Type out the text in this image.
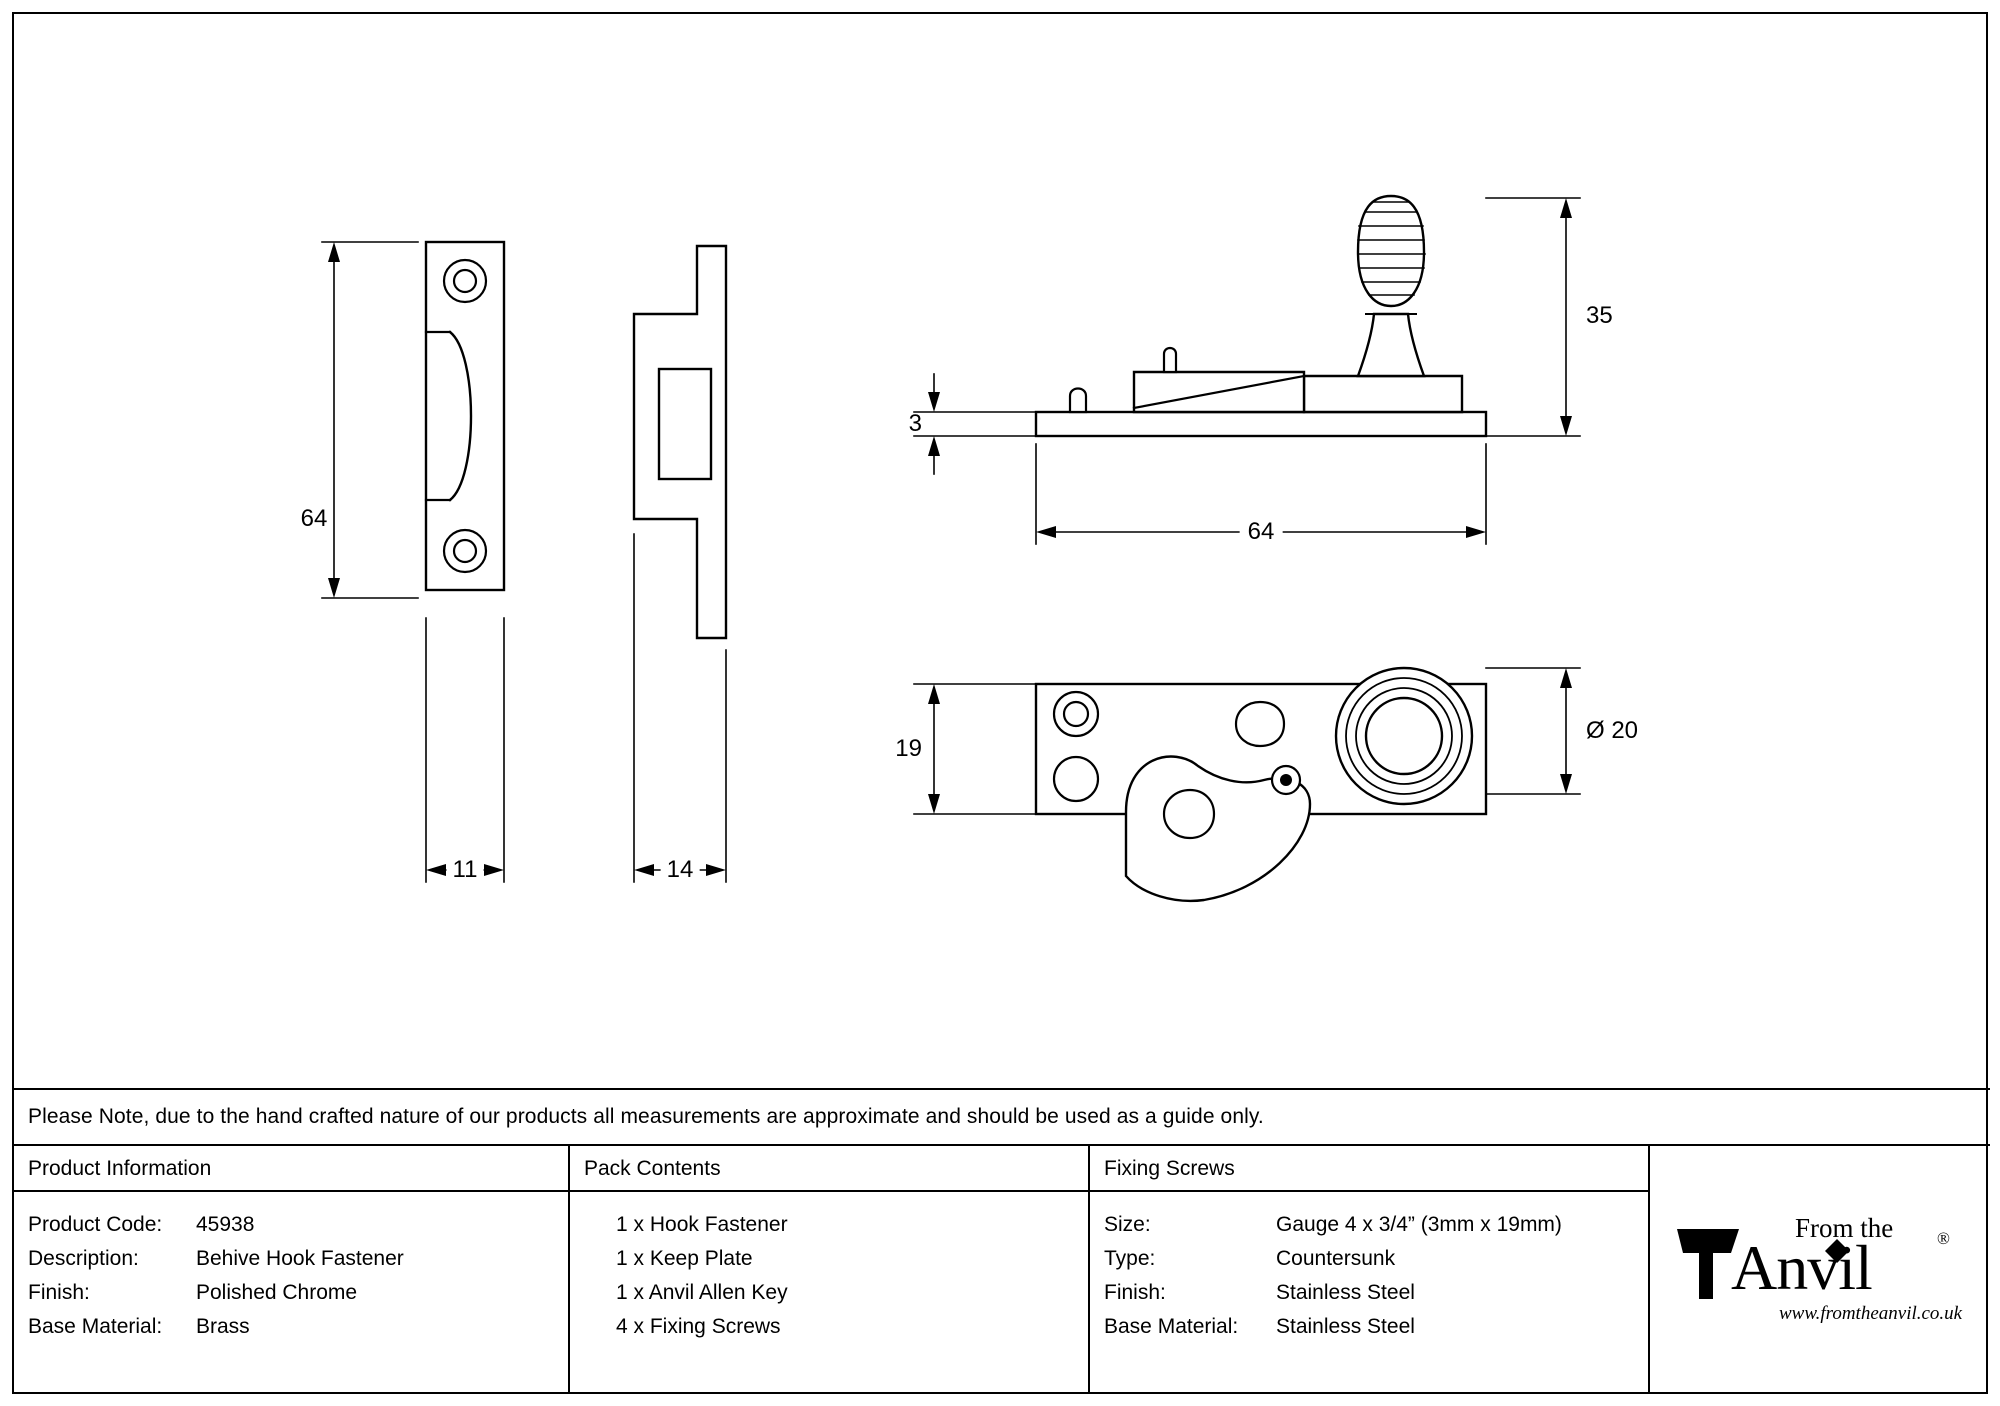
64
11	14
3
64
35
19
Ø 20
Please Note, due to the hand crafted nature of our products all measurements are approximate and should be used as a guide only.
Product Information
Product Code:	45938
Description:	Behive Hook Fastener
Finish:	Polished Chrome
Base Material:	Brass
Pack Contents
1 x Hook Fastener
1 x Keep Plate
1 x Anvil Allen Key
4 x Fixing Screws
Fixing Screws
Size:	Gauge 4 x 3/4” (3mm x 19mm)
Type:	Countersunk
Finish:	Stainless Steel
Base Material:	Stainless Steel
From the
Anvil	®
www.fromtheanvil.co.uk
